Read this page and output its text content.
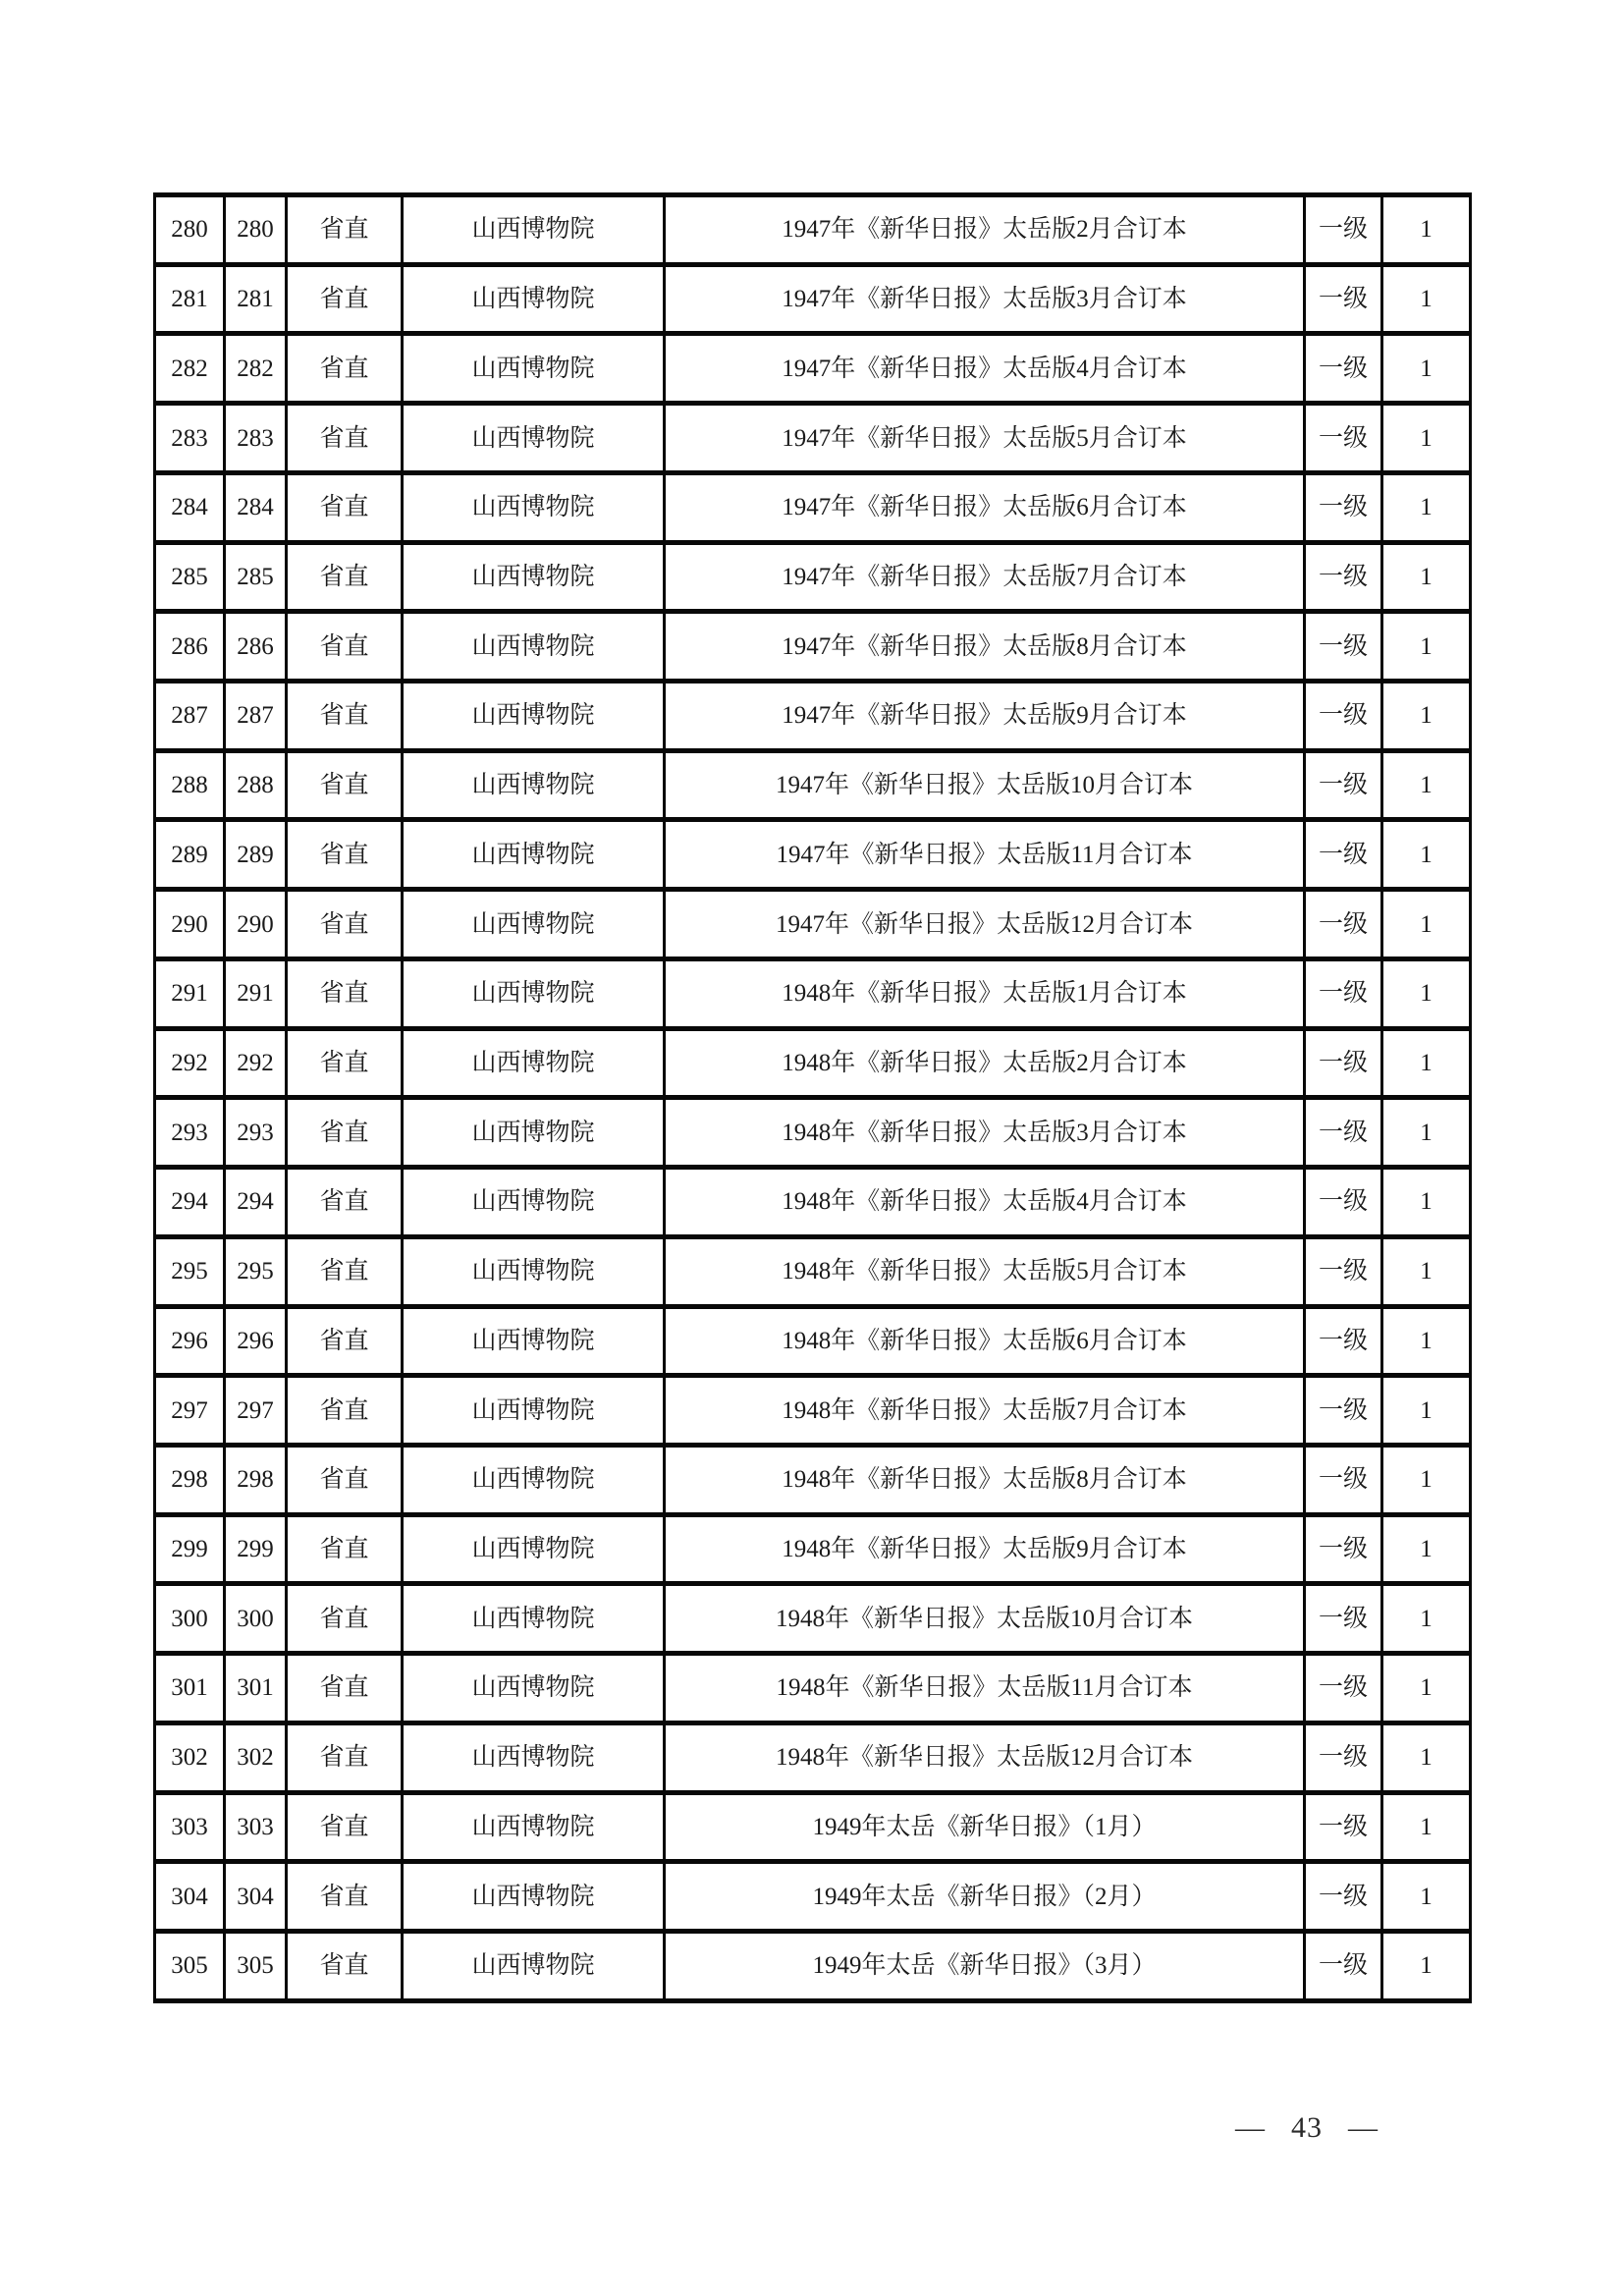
280	280	省直	山西博物院	1947年《新华日报》太岳版2月合订本	一级	1
281	281	省直	山西博物院	1947年《新华日报》太岳版3月合订本	一级	1
282	282	省直	山西博物院	1947年《新华日报》太岳版4月合订本	一级	1
283	283	省直	山西博物院	1947年《新华日报》太岳版5月合订本	一级	1
284	284	省直	山西博物院	1947年《新华日报》太岳版6月合订本	一级	1
285	285	省直	山西博物院	1947年《新华日报》太岳版7月合订本	一级	1
286	286	省直	山西博物院	1947年《新华日报》太岳版8月合订本	一级	1
287	287	省直	山西博物院	1947年《新华日报》太岳版9月合订本	一级	1
288	288	省直	山西博物院	1947年《新华日报》太岳版10月合订本	一级	1
289	289	省直	山西博物院	1947年《新华日报》太岳版11月合订本	一级	1
290	290	省直	山西博物院	1947年《新华日报》太岳版12月合订本	一级	1
291	291	省直	山西博物院	1948年《新华日报》太岳版1月合订本	一级	1
292	292	省直	山西博物院	1948年《新华日报》太岳版2月合订本	一级	1
293	293	省直	山西博物院	1948年《新华日报》太岳版3月合订本	一级	1
294	294	省直	山西博物院	1948年《新华日报》太岳版4月合订本	一级	1
295	295	省直	山西博物院	1948年《新华日报》太岳版5月合订本	一级	1
296	296	省直	山西博物院	1948年《新华日报》太岳版6月合订本	一级	1
297	297	省直	山西博物院	1948年《新华日报》太岳版7月合订本	一级	1
298	298	省直	山西博物院	1948年《新华日报》太岳版8月合订本	一级	1
299	299	省直	山西博物院	1948年《新华日报》太岳版9月合订本	一级	1
300	300	省直	山西博物院	1948年《新华日报》太岳版10月合订本	一级	1
301	301	省直	山西博物院	1948年《新华日报》太岳版11月合订本	一级	1
302	302	省直	山西博物院	1948年《新华日报》太岳版12月合订本	一级	1
303	303	省直	山西博物院	1949年太岳《新华日报》（1月）	一级	1
304	304	省直	山西博物院	1949年太岳《新华日报》（2月）	一级	1
305	305	省直	山西博物院	1949年太岳《新华日报》（3月）	一级	1
— 43 —
